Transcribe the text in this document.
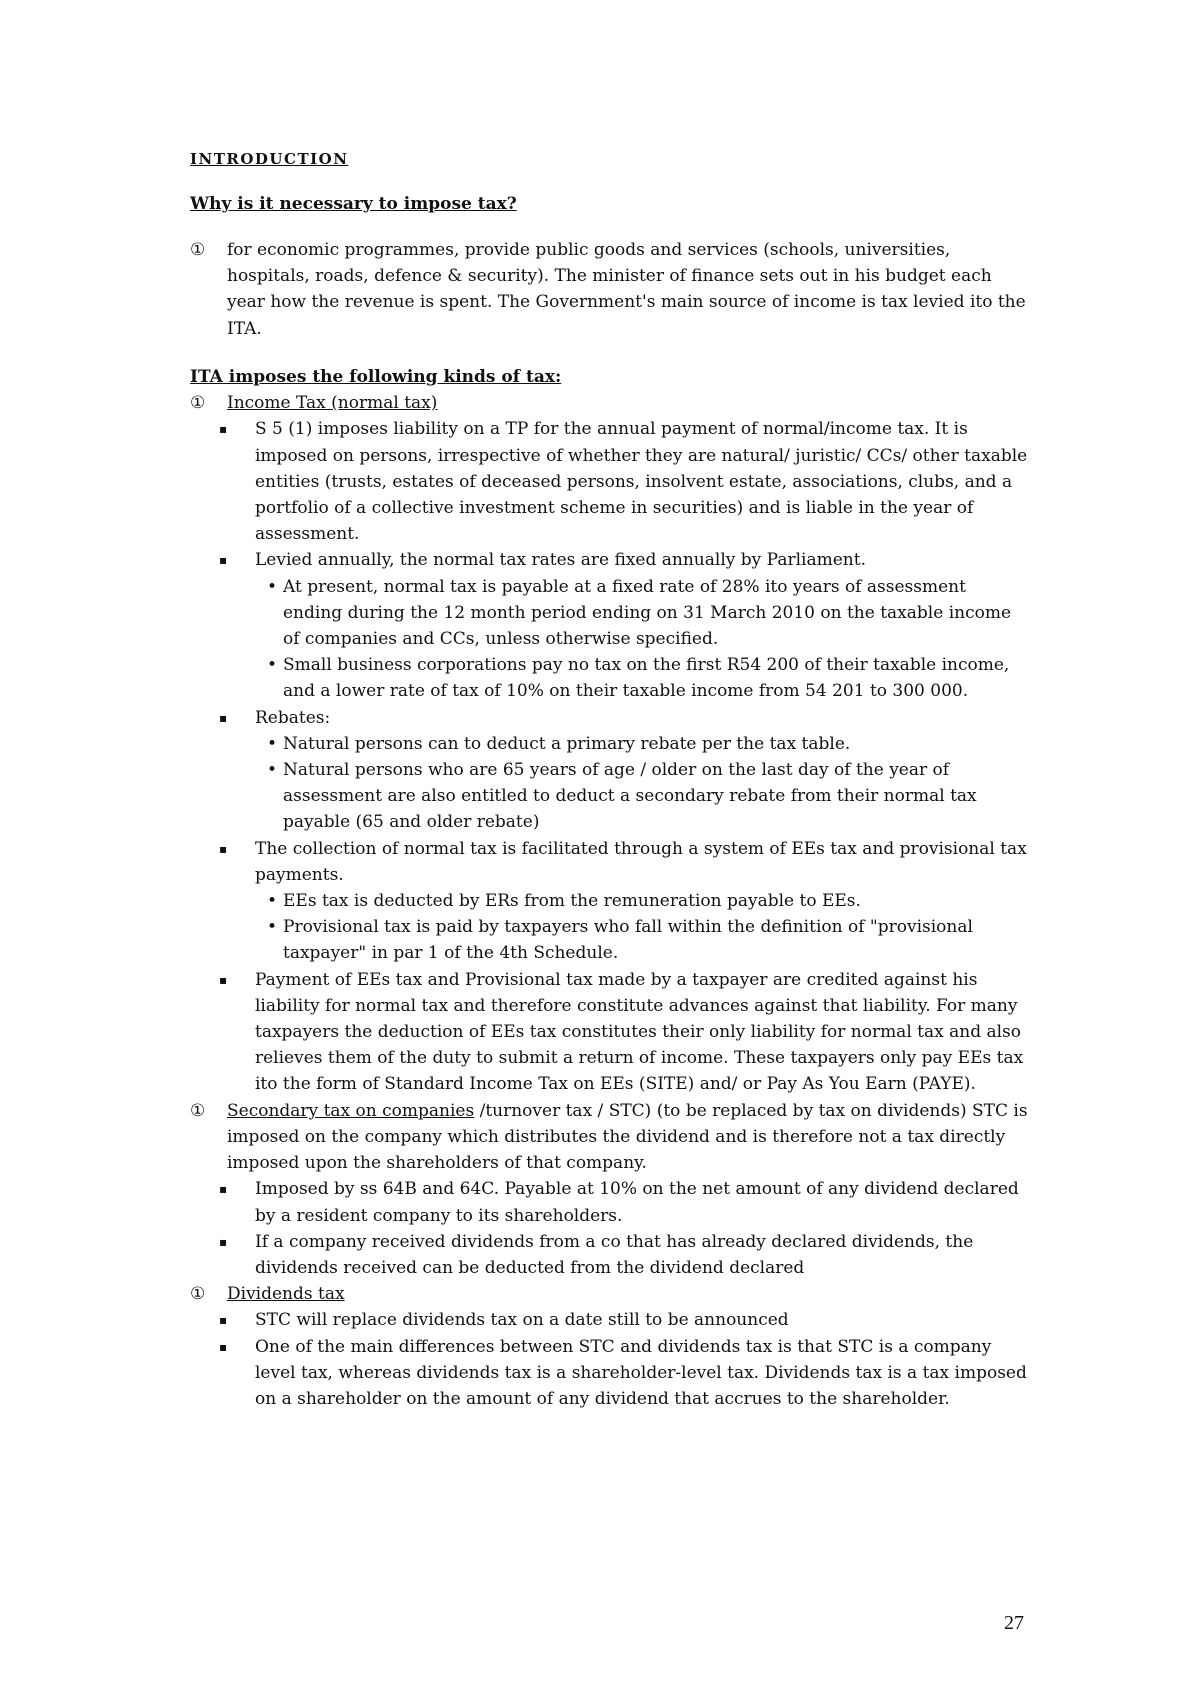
INTRODUCTION
Why is it necessary to impose tax?
① for economic programmes, provide public goods and services (schools, universities, hospitals, roads, defence & security). The minister of finance sets out in his budget each year how the revenue is spent. The Government's main source of income is tax levied ito the ITA.
ITA imposes the following kinds of tax:
① Income Tax (normal tax)
▪ S 5 (1) imposes liability on a TP for the annual payment of normal/income tax. It is imposed on persons, irrespective of whether they are natural/ juristic/ CCs/ other taxable entities (trusts, estates of deceased persons, insolvent estate, associations, clubs, and a portfolio of a collective investment scheme in securities) and is liable in the year of assessment.
▪ Levied annually, the normal tax rates are fixed annually by Parliament.
• At present, normal tax is payable at a fixed rate of 28% ito years of assessment ending during the 12 month period ending on 31 March 2010 on the taxable income of companies and CCs, unless otherwise specified.
• Small business corporations pay no tax on the first R54 200 of their taxable income, and a lower rate of tax of 10% on their taxable income from 54 201 to 300 000.
▪ Rebates:
• Natural persons can to deduct a primary rebate per the tax table.
• Natural persons who are 65 years of age / older on the last day of the year of assessment are also entitled to deduct a secondary rebate from their normal tax payable (65 and older rebate)
▪ The collection of normal tax is facilitated through a system of EEs tax and provisional tax payments.
• EEs tax is deducted by ERs from the remuneration payable to EEs.
• Provisional tax is paid by taxpayers who fall within the definition of "provisional taxpayer" in par 1 of the 4th Schedule.
▪ Payment of EEs tax and Provisional tax made by a taxpayer are credited against his liability for normal tax and therefore constitute advances against that liability. For many taxpayers the deduction of EEs tax constitutes their only liability for normal tax and also relieves them of the duty to submit a return of income. These taxpayers only pay EEs tax ito the form of Standard Income Tax on EEs (SITE) and/ or Pay As You Earn (PAYE).
① Secondary tax on companies /turnover tax / STC) (to be replaced by tax on dividends) STC is imposed on the company which distributes the dividend and is therefore not a tax directly imposed upon the shareholders of that company.
▪ Imposed by ss 64B and 64C. Payable at 10% on the net amount of any dividend declared by a resident company to its shareholders.
▪ If a company received dividends from a co that has already declared dividends, the dividends received can be deducted from the dividend declared
① Dividends tax
▪ STC will replace dividends tax on a date still to be announced
▪ One of the main differences between STC and dividends tax is that STC is a company level tax, whereas dividends tax is a shareholder-level tax. Dividends tax is a tax imposed on a shareholder on the amount of any dividend that accrues to the shareholder.
27
